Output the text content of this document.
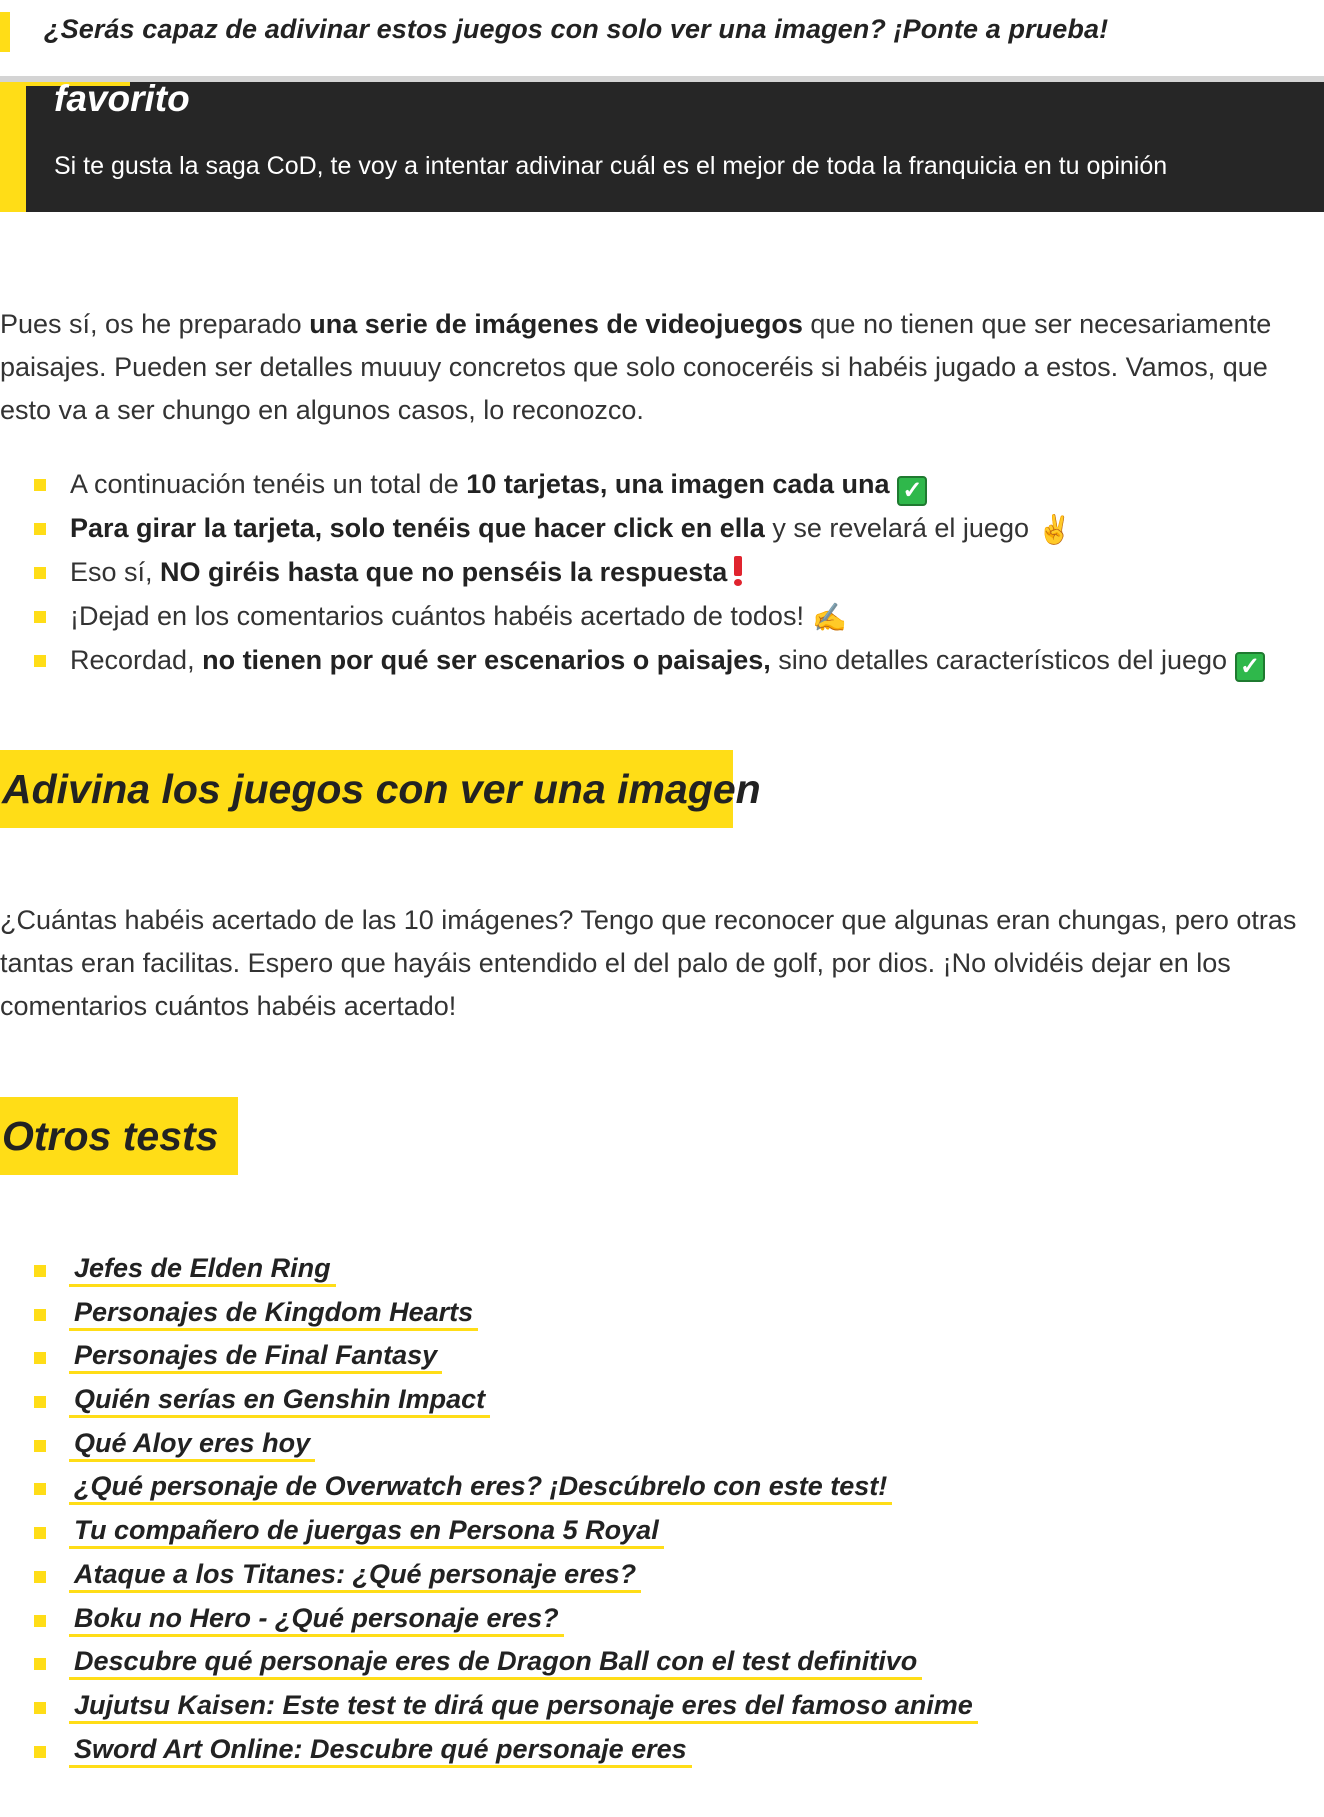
¿Serás capaz de adivinar estos juegos con solo ver una imagen? ¡Ponte a prueba!
favorito
Si te gusta la saga CoD, te voy a intentar adivinar cuál es el mejor de toda la franquicia en tu opinión

Pues sí, os he preparado una serie de imágenes de videojuegos que no tienen que ser necesariamente paisajes. Pueden ser detalles muuuy concretos que solo conoceréis si habéis jugado a estos. Vamos, que esto va a ser chungo en algunos casos, lo reconozco.

A continuación tenéis un total de 10 tarjetas, una imagen cada una ✓
Para girar la tarjeta, solo tenéis que hacer click en ella y se revelará el juego ✌
Eso sí, NO giréis hasta que no penséis la respuesta
¡Dejad en los comentarios cuántos habéis acertado de todos! ✍
Recordad, no tienen por qué ser escenarios o paisajes, sino detalles característicos del juego ✓
Adivina los juegos con ver una imagen

¿Cuántas habéis acertado de las 10 imágenes? Tengo que reconocer que algunas eran chungas, pero otras tantas eran facilitas. Espero que hayáis entendido el del palo de golf, por dios. ¡No olvidéis dejar en los comentarios cuántos habéis acertado!

Otros tests
Jefes de Elden Ring
Personajes de Kingdom Hearts
Personajes de Final Fantasy
Quién serías en Genshin Impact
Qué Aloy eres hoy
¿Qué personaje de Overwatch eres? ¡Descúbrelo con este test!
Tu compañero de juergas en Persona 5 Royal
Ataque a los Titanes: ¿Qué personaje eres?
Boku no Hero - ¿Qué personaje eres?
Descubre qué personaje eres de Dragon Ball con el test definitivo
Jujutsu Kaisen: Este test te dirá que personaje eres del famoso anime
Sword Art Online: Descubre qué personaje eres
